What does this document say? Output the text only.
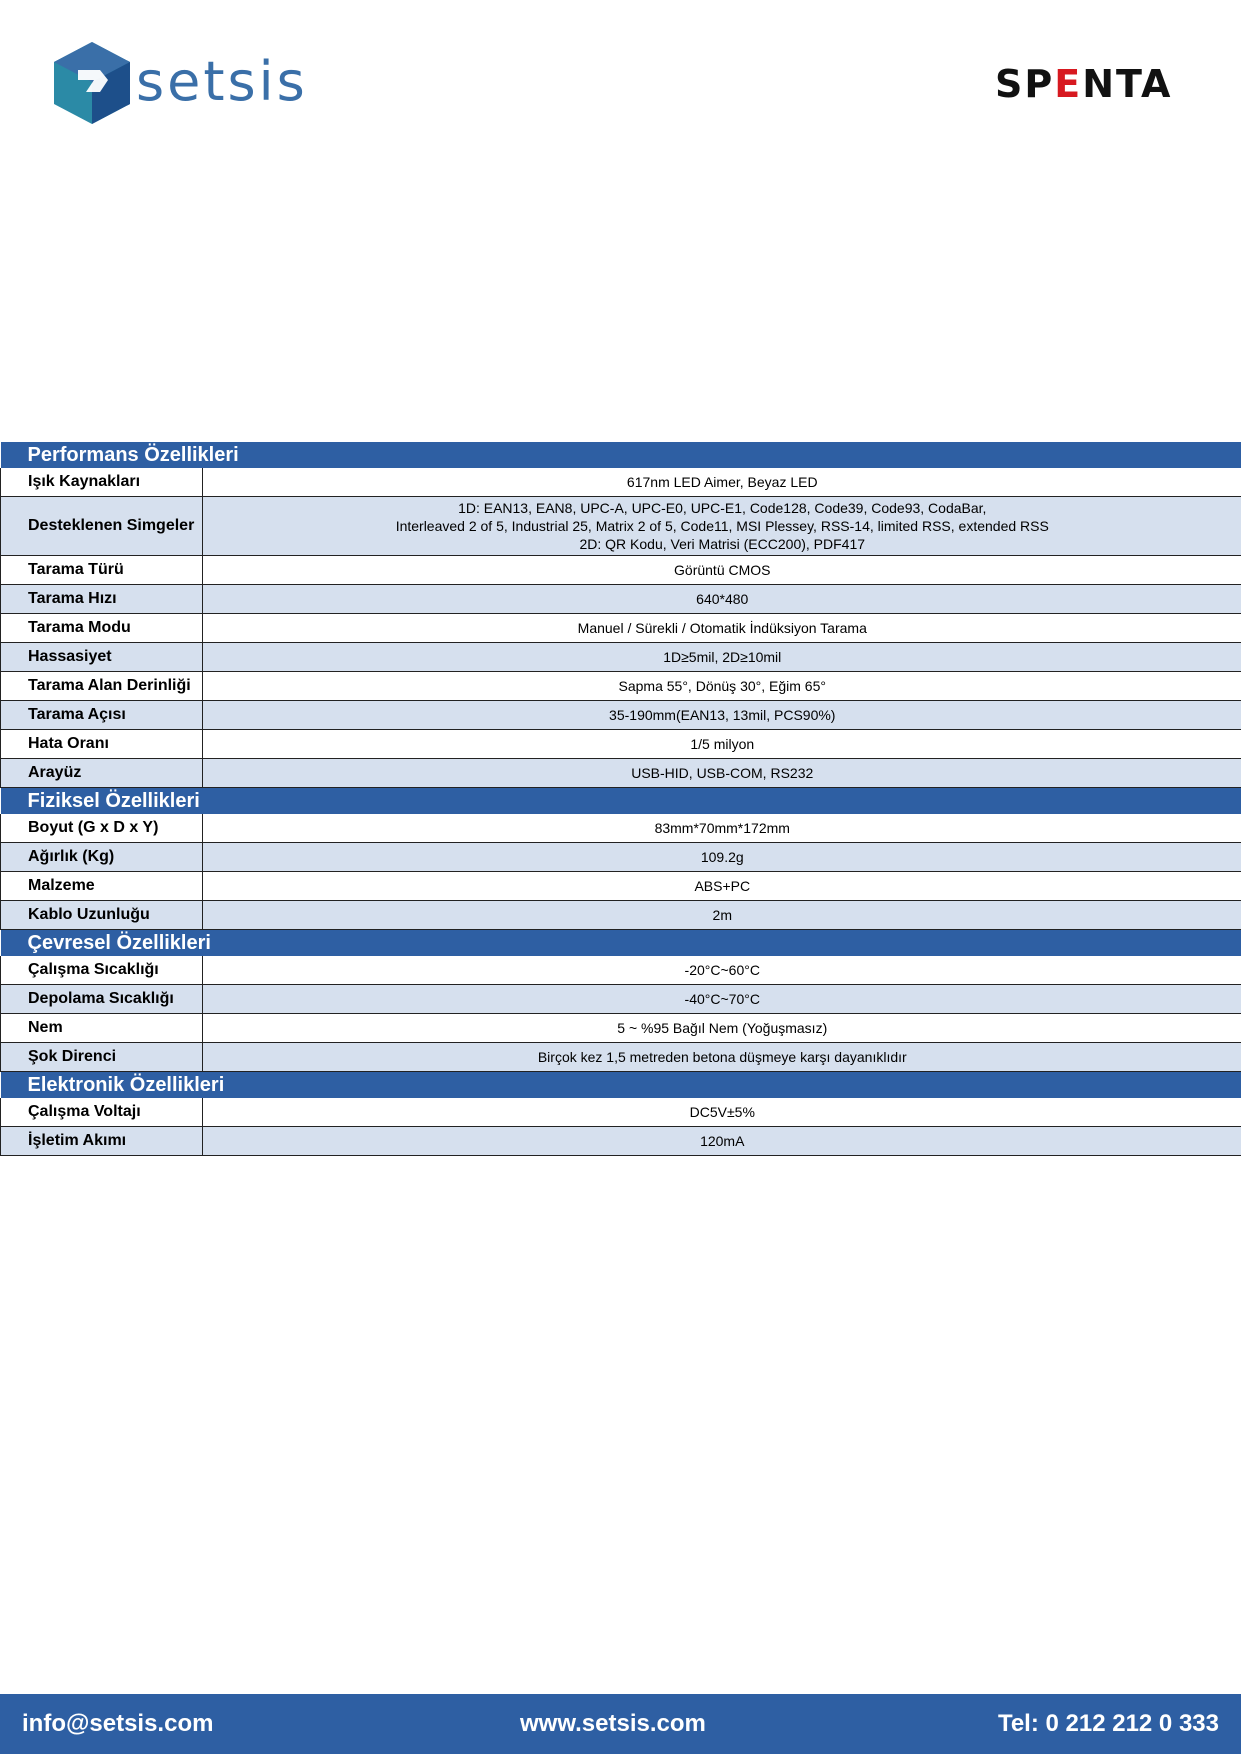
setsis	SPENTA
Performans Özellikleri	
Işık Kaynakları	617nm LED Aimer, Beyaz LED
Desteklenen Simgeler	1D: EAN13, EAN8, UPC-A, UPC-E0, UPC-E1, Code128, Code39, Code93, CodaBar,
Interleaved 2 of 5, Industrial 25, Matrix 2 of 5, Code11, MSI Plessey, RSS-14, limited RSS, extended RSS
2D: QR Kodu, Veri Matrisi (ECC200), PDF417

Tarama Türü	Görüntü CMOS
Tarama Hızı	640*480
Tarama Modu	Manuel / Sürekli / Otomatik İndüksiyon Tarama
Hassasiyet	1D≥5mil, 2D≥10mil
Tarama Alan Derinliği	Sapma 55°, Dönüş 30°, Eğim 65°
Tarama Açısı	35-190mm(EAN13, 13mil, PCS90%)
Hata Oranı	1/5 milyon
Arayüz	USB-HID, USB-COM, RS232
Fiziksel Özellikleri	
Boyut (G x D x Y)	83mm*70mm*172mm
Ağırlık (Kg)	109.2g
Malzeme	ABS+PC
Kablo Uzunluğu	2m
Çevresel Özellikleri	
Çalışma Sıcaklığı	-20°C~60°C
Depolama Sıcaklığı	-40°C~70°C
Nem	5 ~ %95 Bağıl Nem (Yoğuşmasız)
Şok Direnci	Birçok kez 1,5 metreden betona düşmeye karşı dayanıklıdır
Elektronik Özellikleri	
Çalışma Voltajı	DC5V±5%
İşletim Akımı	120mA
info@setsis.com	www.setsis.com	Tel: 0 212 212 0 333
